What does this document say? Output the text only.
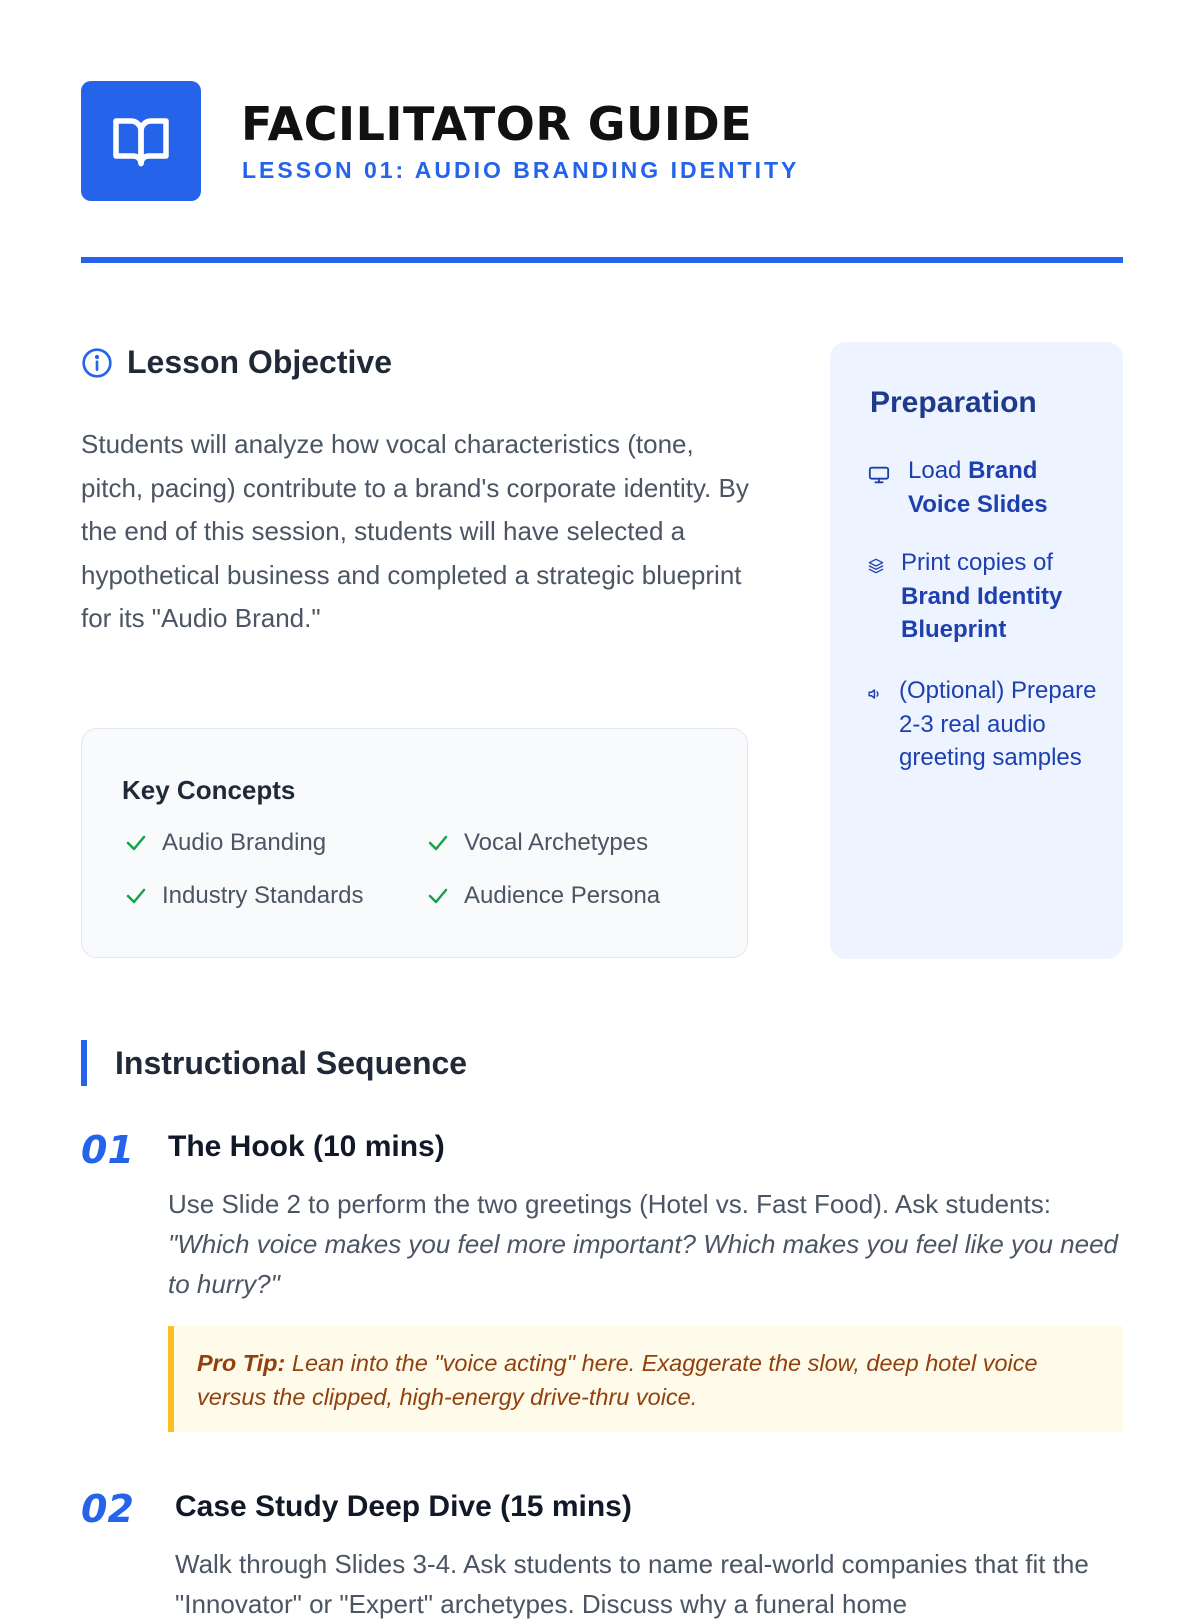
FACILITATOR GUIDE
LESSON 01: AUDIO BRANDING IDENTITY
Lesson Objective

Students will analyze how vocal characteristics (tone, pitch, pacing) contribute to a brand's corporate identity. By the end of this session, students will have selected a hypothetical business and completed a strategic blueprint for its "Audio Brand."

Key Concepts
Audio Branding	Vocal Archetypes
Industry Standards	Audience Persona
Preparation
Load Brand Voice Slides
Print copies of Brand Identity Blueprint
(Optional) Prepare 2-3 real audio greeting samples
Instructional Sequence
01 The Hook (10 mins)
Use Slide 2 to perform the two greetings (Hotel vs. Fast Food). Ask students: "Which voice makes you feel more important? Which makes you feel like you need to hurry?"
Pro Tip: Lean into the "voice acting" here. Exaggerate the slow, deep hotel voice versus the clipped, high-energy drive-thru voice.
02 Case Study Deep Dive (15 mins)
Walk through Slides 3-4. Ask students to name real-world companies that fit the "Innovator" or "Expert" archetypes. Discuss why a funeral home
